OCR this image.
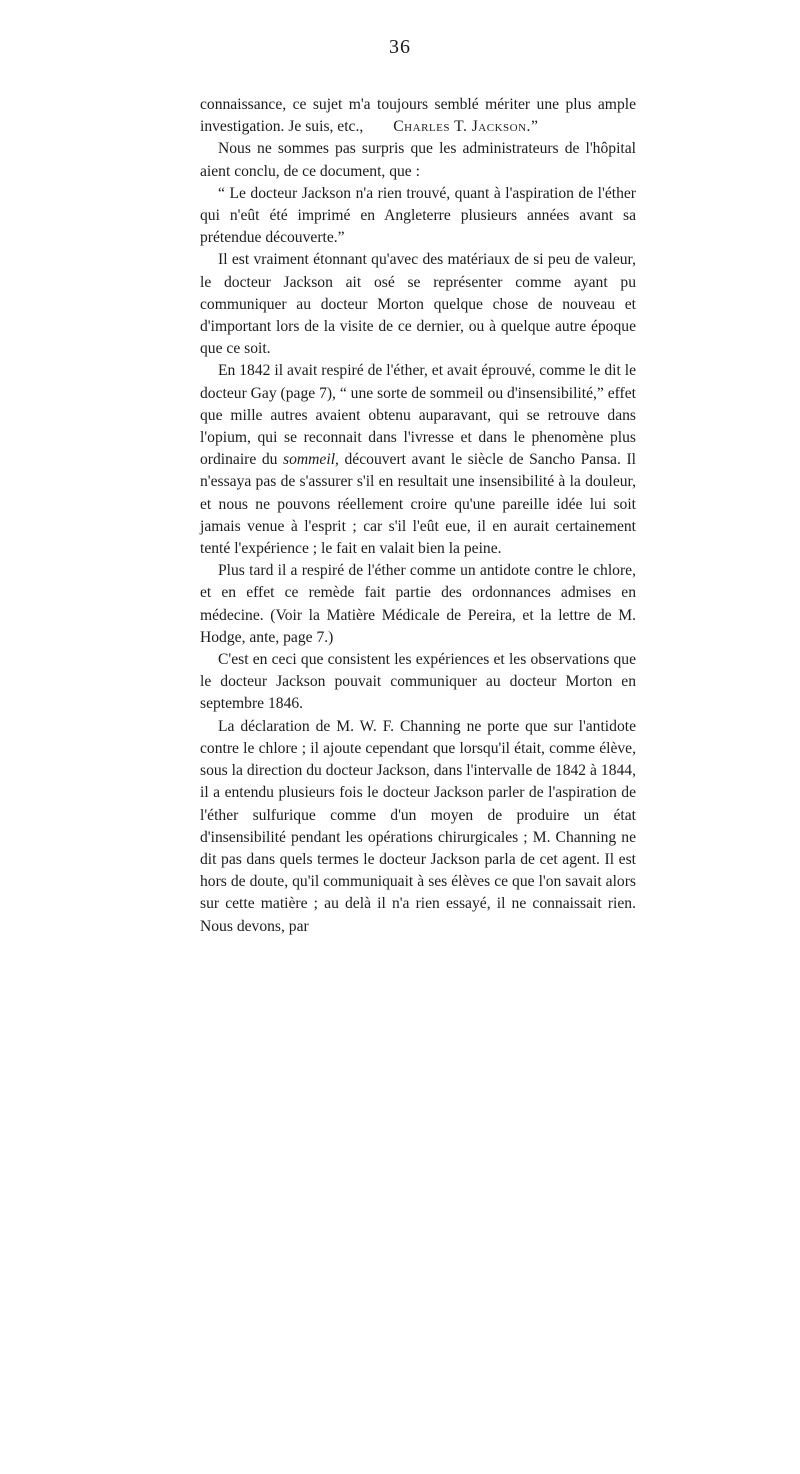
36

connaissance, ce sujet m'a toujours semblé mériter une plus ample investigation. Je suis, etc., Charles T. Jackson.”

Nous ne sommes pas surpris que les administrateurs de l'hôpital aient conclu, de ce document, que :

“ Le docteur Jackson n'a rien trouvé, quant à l'aspiration de l'éther qui n'eût été imprimé en Angleterre plusieurs années avant sa prétendue découverte.”

Il est vraiment étonnant qu'avec des matériaux de si peu de valeur, le docteur Jackson ait osé se représenter comme ayant pu communiquer au docteur Morton quelque chose de nouveau et d'important lors de la visite de ce dernier, ou à quelque autre époque que ce soit.

En 1842 il avait respiré de l'éther, et avait éprouvé, comme le dit le docteur Gay (page 7), “ une sorte de sommeil ou d'insensibilité,” effet que mille autres avaient obtenu auparavant, qui se retrouve dans l'opium, qui se reconnait dans l'ivresse et dans le phenomène plus ordinaire du sommeil, découvert avant le siècle de Sancho Pansa. Il n'essaya pas de s'assurer s'il en resultait une insensibilité à la douleur, et nous ne pouvons réellement croire qu'une pareille idée lui soit jamais venue à l'esprit ; car s'il l'eût eue, il en aurait certainement tenté l'expérience ; le fait en valait bien la peine.

Plus tard il a respiré de l'éther comme un antidote contre le chlore, et en effet ce remède fait partie des ordonnances admises en médecine. (Voir la Matière Médicale de Pereira, et la lettre de M. Hodge, ante, page 7.)

C'est en ceci que consistent les expériences et les observations que le docteur Jackson pouvait communiquer au docteur Morton en septembre 1846.

La déclaration de M. W. F. Channing ne porte que sur l'antidote contre le chlore ; il ajoute cependant que lorsqu'il était, comme élève, sous la direction du docteur Jackson, dans l'intervalle de 1842 à 1844, il a entendu plusieurs fois le docteur Jackson parler de l'aspiration de l'éther sulfurique comme d'un moyen de produire un état d'insensibilité pendant les opérations chirurgicales ; M. Channing ne dit pas dans quels termes le docteur Jackson parla de cet agent. Il est hors de doute, qu'il communiquait à ses élèves ce que l'on savait alors sur cette matière ; au delà il n'a rien essayé, il ne connaissait rien. Nous devons, par
